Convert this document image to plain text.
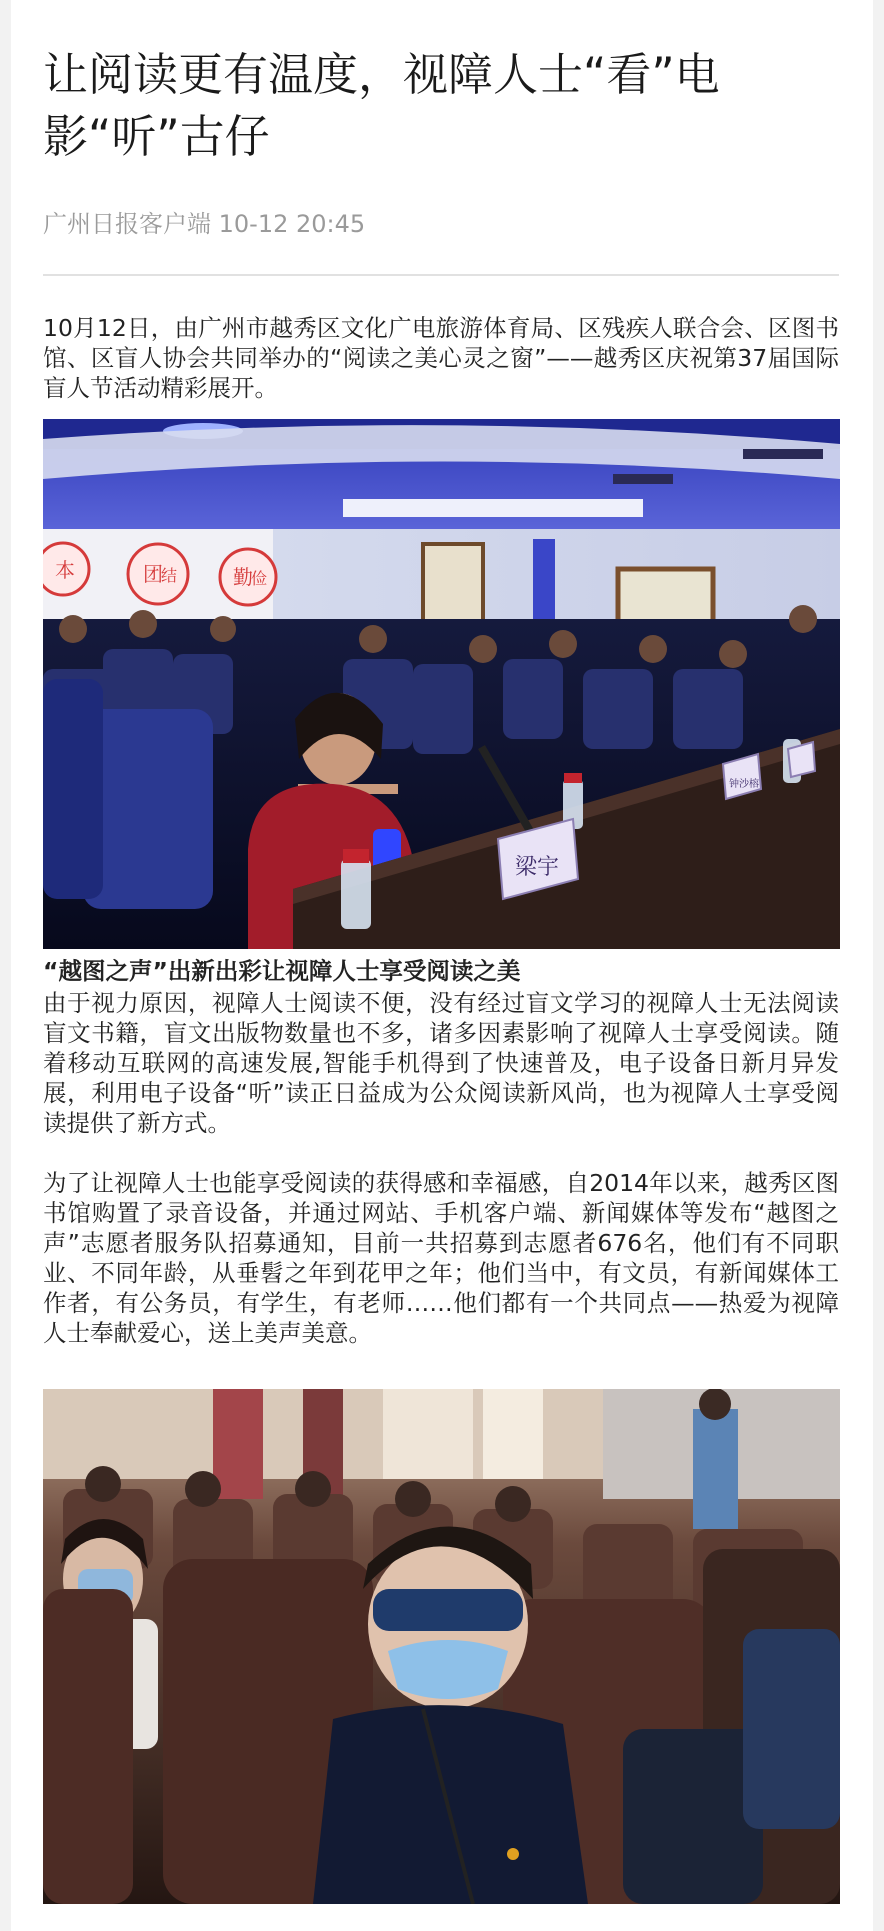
让阅读更有温度，视障人士“看”电影“听”古仔
广州日报客户端 10-12 20:45

10月12日，由广州市越秀区文化广电旅游体育局、区残疾人联合会、区图书馆、区盲人协会共同举办的“阅读之美心灵之窗”——越秀区庆祝第37届国际盲人节活动精彩展开。

本	团
结	勤
俭
梁宇
钟沙榕

“越图之声”出新出彩让视障人士享受阅读之美

由于视力原因，视障人士阅读不便，没有经过盲文学习的视障人士无法阅读盲文书籍，盲文出版物数量也不多，诸多因素影响了视障人士享受阅读。随着移动互联网的高速发展,智能手机得到了快速普及，电子设备日新月异发展，利用电子设备“听”读正日益成为公众阅读新风尚，也为视障人士享受阅读提供了新方式。

为了让视障人士也能享受阅读的获得感和幸福感，自2014年以来，越秀区图书馆购置了录音设备，并通过网站、手机客户端、新闻媒体等发布“越图之声”志愿者服务队招募通知，目前一共招募到志愿者676名，他们有不同职业、不同年龄，从垂髫之年到花甲之年；他们当中，有文员，有新闻媒体工作者，有公务员，有学生，有老师……他们都有一个共同点——热爱为视障人士奉献爱心，送上美声美意。
